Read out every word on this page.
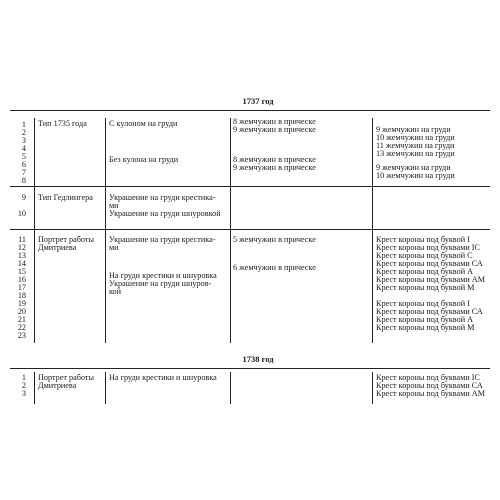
1737 год
1
2
3
4
5
6
7
8
Тип 1735 года	С кулоном на груди
Без кулона на груди
8 жемчужин в прическе
9 жемчужин в прическе
8 жемчужин в прическе
9 жемчужин в прическе
9 жемчужин на груди
10 жемчужин на груди
11 жемчужин на груди
13 жемчужин на груди
9 жемчужин на груди
10 жемчужин на груди
9
10
Тип Гедлингера Украшение на груди крестика-
ми
Украшение на груди шнуровкой
11
12
13
14
15
16
17
18
19
20
21
22
23
Портрет работы
Дмитриева
Украшение на груди крестика-
ми
На груди крестики и шнуровка
Украшение на груди шнуров-
кой
5 жемчужин в прическе
6 жемчужин в прическе
Крест короны под буквой I
Крест короны под буквами IC
Крест короны под буквой С
Крест короны под буквами СА
Крест короны под буквой А
Крест короны под буквами АМ
Крест короны под буквой М
Крест короны под буквой I
Крест короны под буквами СА
Крест короны под буквой А
Крест короны под буквой М
1738 год
1
2
3
Портрет работы
Дмитриева
На груди крестики и шнуровка	Крест короны под буквами IC
Крест короны под буквами СА
Крест короны под буквами АМ
